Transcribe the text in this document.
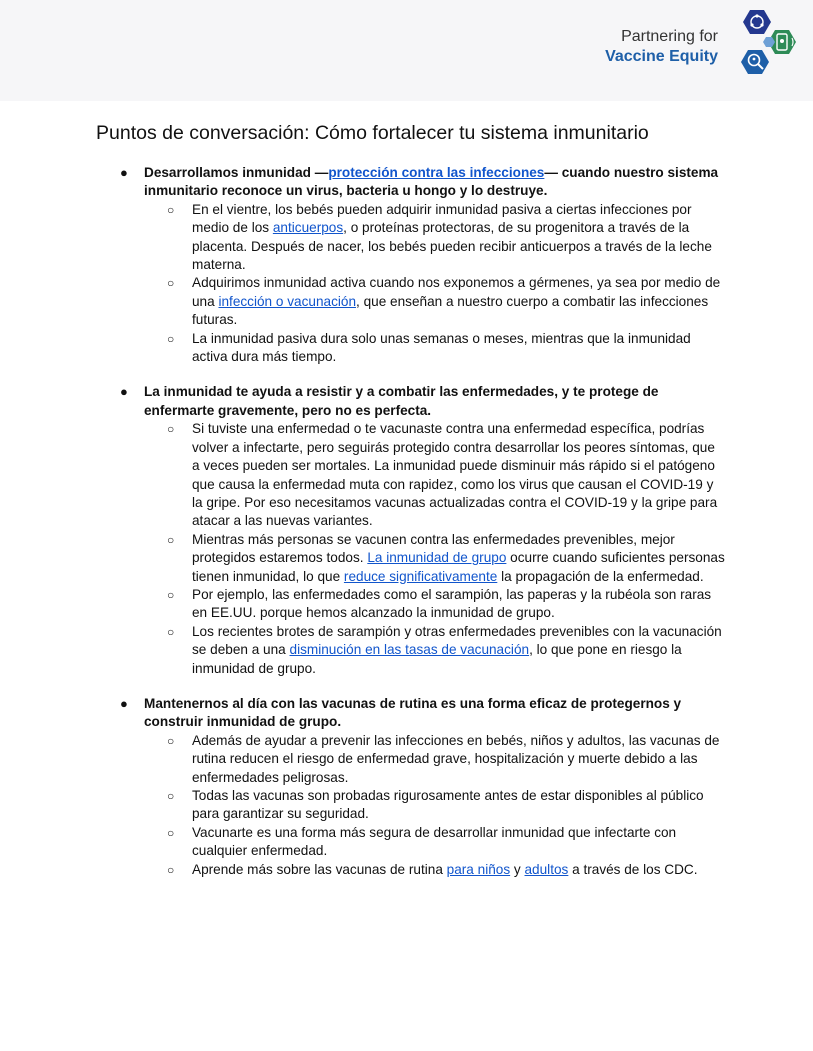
Partnering for
Vaccine Equity
Puntos de conversación: Cómo fortalecer tu sistema inmunitario
● Desarrollamos inmunidad —protección contra las infecciones— cuando nuestro sistema inmunitario reconoce un virus, bacteria u hongo y lo destruye.
○ En el vientre, los bebés pueden adquirir inmunidad pasiva a ciertas infecciones por medio de los anticuerpos, o proteínas protectoras, de su progenitora a través de la placenta. Después de nacer, los bebés pueden recibir anticuerpos a través de la leche materna.
○ Adquirimos inmunidad activa cuando nos exponemos a gérmenes, ya sea por medio de una infección o vacunación, que enseñan a nuestro cuerpo a combatir las infecciones futuras.
○ La inmunidad pasiva dura solo unas semanas o meses, mientras que la inmunidad activa dura más tiempo.
● La inmunidad te ayuda a resistir y a combatir las enfermedades, y te protege de enfermarte gravemente, pero no es perfecta.
○ Si tuviste una enfermedad o te vacunaste contra una enfermedad específica, podrías volver a infectarte, pero seguirás protegido contra desarrollar los peores síntomas, que a veces pueden ser mortales. La inmunidad puede disminuir más rápido si el patógeno que causa la enfermedad muta con rapidez, como los virus que causan el COVID-19 y la gripe. Por eso necesitamos vacunas actualizadas contra el COVID-19 y la gripe para atacar a las nuevas variantes.
○ Mientras más personas se vacunen contra las enfermedades prevenibles, mejor protegidos estaremos todos. La inmunidad de grupo ocurre cuando suficientes personas tienen inmunidad, lo que reduce significativamente la propagación de la enfermedad.
○ Por ejemplo, las enfermedades como el sarampión, las paperas y la rubéola son raras en EE.UU. porque hemos alcanzado la inmunidad de grupo.
○ Los recientes brotes de sarampión y otras enfermedades prevenibles con la vacunación se deben a una disminución en las tasas de vacunación, lo que pone en riesgo la inmunidad de grupo.
● Mantenernos al día con las vacunas de rutina es una forma eficaz de protegernos y construir inmunidad de grupo.
○ Además de ayudar a prevenir las infecciones en bebés, niños y adultos, las vacunas de rutina reducen el riesgo de enfermedad grave, hospitalización y muerte debido a las enfermedades peligrosas.
○ Todas las vacunas son probadas rigurosamente antes de estar disponibles al público para garantizar su seguridad.
○ Vacunarte es una forma más segura de desarrollar inmunidad que infectarte con cualquier enfermedad.
○ Aprende más sobre las vacunas de rutina para niños y adultos a través de los CDC.
